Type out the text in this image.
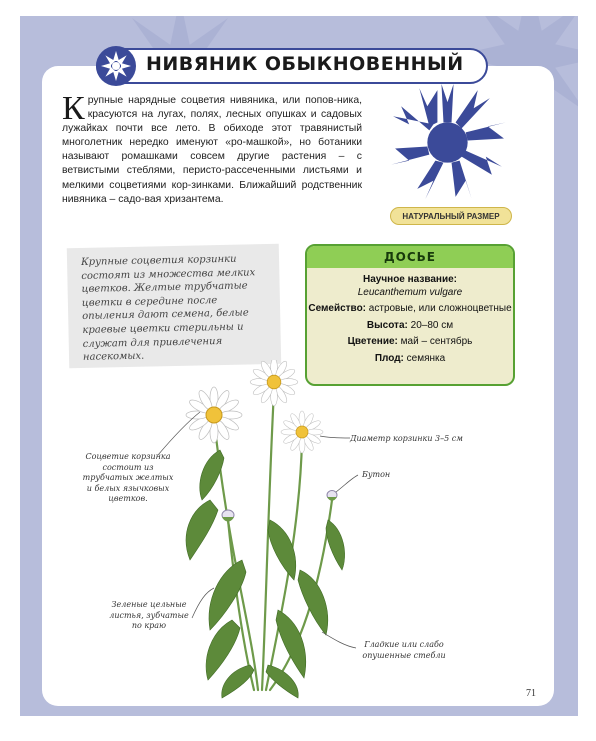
НИВЯНИК ОБЫКНОВЕННЫЙ

Крупные нарядные соцветия нивяника, или попов-ника, красуются на лугах, полях, лесных опушках и садовых лужайках почти все лето. В обиходе этот травянистый многолетник нередко именуют «ро-машкой», но ботаники называют ромашками совсем другие растения – с ветвистыми стеблями, перисто-рассеченными листьями и мелкими соцветиями кор-зинками. Ближайший родственник нивяника – садо-вая хризантема.

НАТУРАЛЬНЫЙ РАЗМЕР

Крупные соцветия корзинки состоят из множества мелких цветков. Желтые трубчатые цветки в середине после опыления дают семена, белые краевые цветки стерильны и служат для привлечения насекомых.

ДОСЬЕ
Научное название:
Leucanthemum vulgare
Семейство: астровые, или сложноцветные
Высота: 20–80 см
Цветение: май – сентябрь
Плод: семянка

Соцветие корзинка состоит из трубчатых желтых и белых язычковых цветков.

Диаметр корзинки 3–5 см

Бутон

Зеленые цельные листья, зубчатые по краю

Гладкие или слабо опушенные стебли

71
